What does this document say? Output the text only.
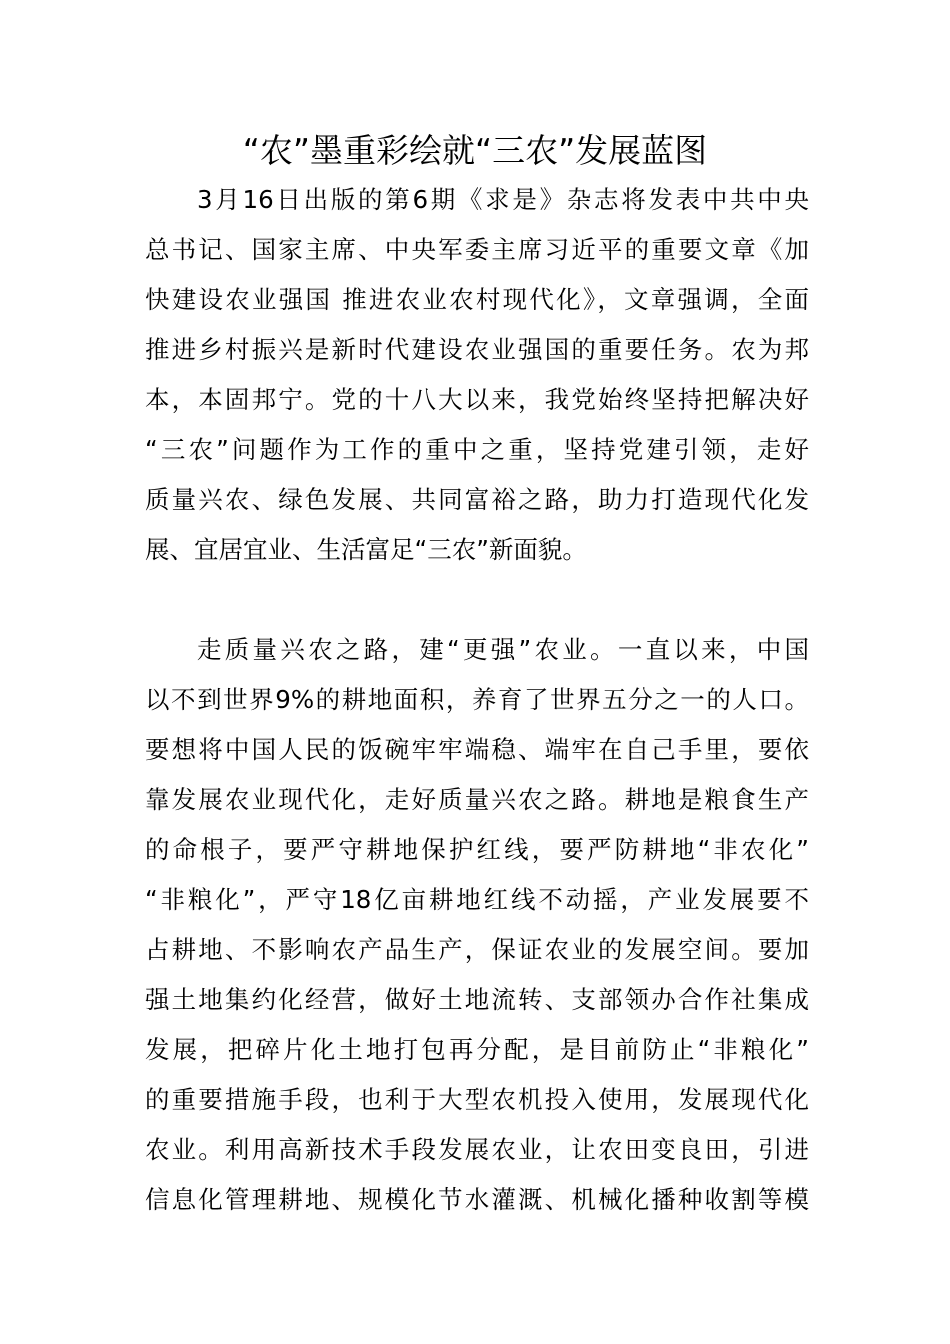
“农”墨重彩绘就“三农”发展蓝图

3月16日出版的第6期《求是》杂志将发表中共中央

总书记、国家主席、中央军委主席习近平的重要文章《加

快建设农业强国 推进农业农村现代化》，文章强调，全面

推进乡村振兴是新时代建设农业强国的重要任务。农为邦

本，本固邦宁。党的十八大以来，我党始终坚持把解决好

“三农”问题作为工作的重中之重，坚持党建引领，走好

质量兴农、绿色发展、共同富裕之路，助力打造现代化发

展、宜居宜业、生活富足“三农”新面貌。

走质量兴农之路，建“更强”农业。一直以来，中国

以不到世界9%的耕地面积，养育了世界五分之一的人口。

要想将中国人民的饭碗牢牢端稳、端牢在自己手里，要依

靠发展农业现代化，走好质量兴农之路。耕地是粮食生产

的命根子，要严守耕地保护红线，要严防耕地“非农化”

“非粮化”，严守18亿亩耕地红线不动摇，产业发展要不

占耕地、不影响农产品生产，保证农业的发展空间。要加

强土地集约化经营，做好土地流转、支部领办合作社集成

发展，把碎片化土地打包再分配，是目前防止“非粮化”

的重要措施手段，也利于大型农机投入使用，发展现代化

农业。利用高新技术手段发展农业，让农田变良田，引进

信息化管理耕地、规模化节水灌溉、机械化播种收割等模
